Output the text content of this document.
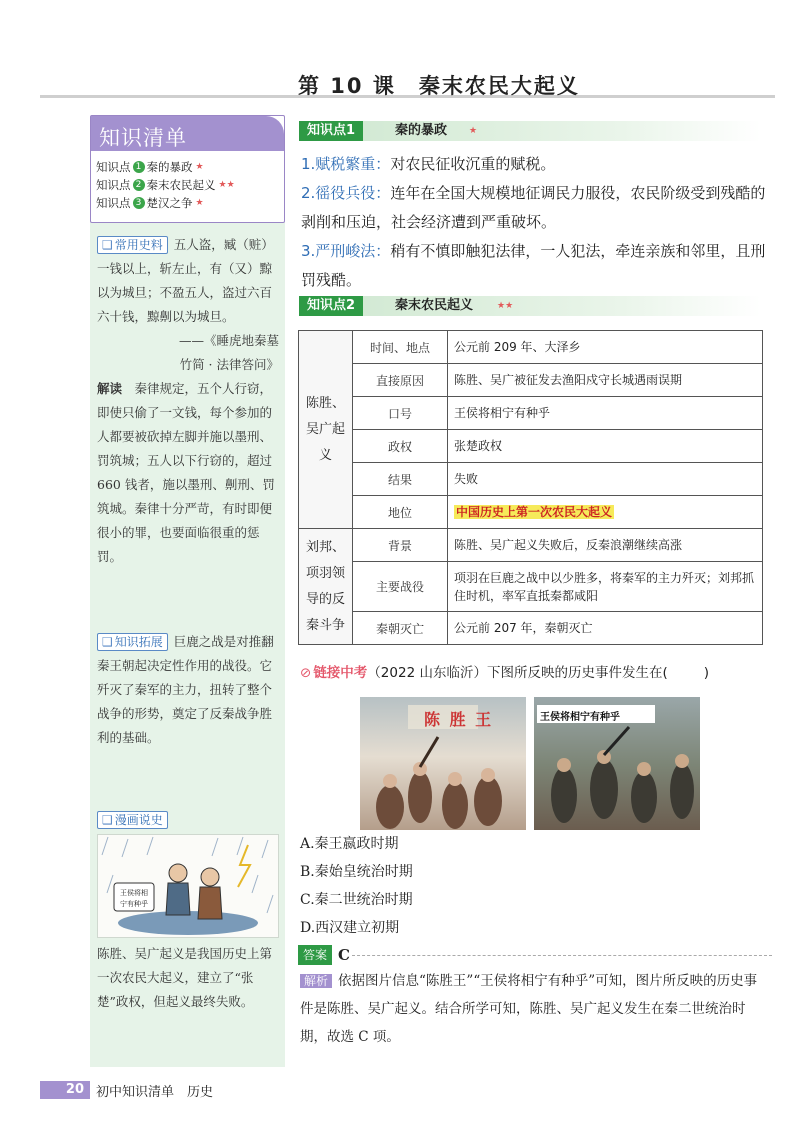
第 10 课　秦末农民大起义
知识清单
知识点 1 秦的暴政 ★
知识点 2 秦末农民起义 ★★
知识点 3 楚汉之争 ★
❑ 常用史料 五人盗，臧（赃）一钱以上，斩左止，有（又）黥以为城旦；不盈五人，盗过六百六十钱，黥劓以为城旦。
——《睡虎地秦墓
竹简 · 法律答问》
解读　 秦律规定，五个人行窃，即使只偷了一文钱，每个参加的人都要被砍掉左脚并施以墨刑、罚筑城；五人以下行窃的，超过 660 钱者，施以墨刑、劓刑、罚筑城。秦律十分严苛，有时即便很小的罪，也要面临很重的惩罚。
❑ 知识拓展 巨鹿之战是对推翻秦王朝起决定性作用的战役。它歼灭了秦军的主力，扭转了整个战争的形势，奠定了反秦战争胜利的基础。
❑ 漫画说史
王侯将相
宁有种乎
陈胜、吴广起义是我国历史上第一次农民大起义，建立了“张楚”政权，但起义最终失败。
知识点1	秦的暴政 ★
1.赋税繁重：对农民征收沉重的赋税。
2.徭役兵役：连年在全国大规模地征调民力服役，农民阶级受到残酷的剥削和压迫，社会经济遭到严重破坏。
3.严刑峻法：稍有不慎即触犯法律，一人犯法，牵连亲族和邻里，且刑罚残酷。
知识点2	秦末农民起义	★★
陈胜、吴广起义	时间、地点	公元前 209 年、大泽乡
	直接原因	陈胜、吴广被征发去渔阳戍守长城遇雨误期
	口号	王侯将相宁有种乎
	政权	张楚政权
	结果	失败
	地位	中国历史上第一次农民大起义
刘邦、项羽领导的反秦斗争	背景	陈胜、吴广起义失败后，反秦浪潮继续高涨
	主要战役	项羽在巨鹿之战中以少胜多，将秦军的主力歼灭；刘邦抓住时机，率军直抵秦都咸阳
	秦朝灭亡	公元前 207 年，秦朝灭亡
⊘ 链接中考（2022 山东临沂）下图所反映的历史事件发生在(	)
陈 胜 王	王侯将相宁有种乎
A.秦王嬴政时期
B.秦始皇统治时期
C.秦二世统治时期
D.西汉建立初期
答案 C
解析 依据图片信息“陈胜王”“王侯将相宁有种乎”可知，图片所反映的历史事件是陈胜、吴广起义。结合所学可知，陈胜、吴广起义发生在秦二世统治时期，故选 C 项。
20 初中知识清单　历史
